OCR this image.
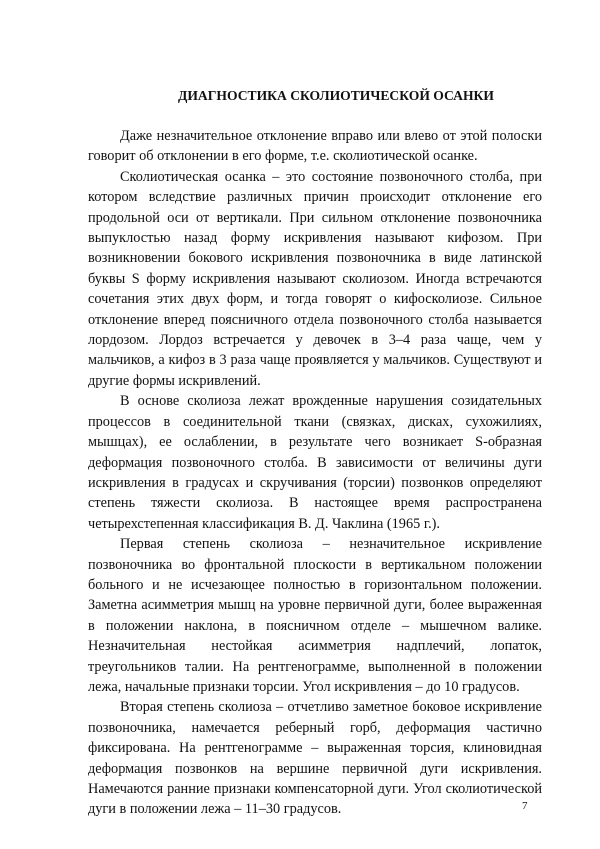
ДИАГНОСТИКА СКОЛИОТИЧЕСКОЙ ОСАНКИ

Даже незначительное отклонение вправо или влево от этой полоски говорит об отклонении в его форме, т.е. сколиотической осанке.

Сколиотическая осанка – это состояние позвоночного столба, при котором вследствие различных причин происходит отклонение его продольной оси от вертикали. При сильном отклонение позвоночника выпуклостью назад форму искривления называют кифозом. При возникновении бокового искривления позвоночника в виде латинской буквы S форму искривления называют сколиозом. Иногда встречаются сочетания этих двух форм, и тогда говорят о кифосколиозе. Сильное отклонение вперед поясничного отдела позвоночного столба называется лордозом. Лордоз встречается у девочек в 3–4 раза чаще, чем у мальчиков, а кифоз в 3 раза чаще проявляется у мальчиков. Существуют и другие формы искривлений.

В основе сколиоза лежат врожденные нарушения созидательных процессов в соединительной ткани (связках, дисках, сухожилиях, мышцах), ее ослаблении, в результате чего возникает S-образная деформация позвоночного столба. В зависимости от величины дуги искривления в градусах и скручивания (торсии) позвонков определяют степень тяжести сколиоза. В настоящее время распространена четырехстепенная классификация В. Д. Чаклина (1965 г.).

Первая степень сколиоза – незначительное искривление позвоночника во фронтальной плоскости в вертикальном положении больного и не исчезающее полностью в горизонтальном положении. Заметна асимметрия мышц на уровне первичной дуги, более выраженная в положении наклона, в поясничном отделе – мышечном валике. Незначительная нестойкая асимметрия надплечий, лопаток, треугольников талии. На рентгенограмме, выполненной в положении лежа, начальные признаки торсии. Угол искривления – до 10 градусов.

Вторая степень сколиоза – отчетливо заметное боковое искривление позвоночника, намечается реберный горб, деформация частично фиксирована. На рентгенограмме – выраженная торсия, клиновидная деформация позвонков на вершине первичной дуги искривления. Намечаются ранние признаки компенсаторной дуги. Угол сколиотической дуги в положении лежа – 11–30 градусов.	7
